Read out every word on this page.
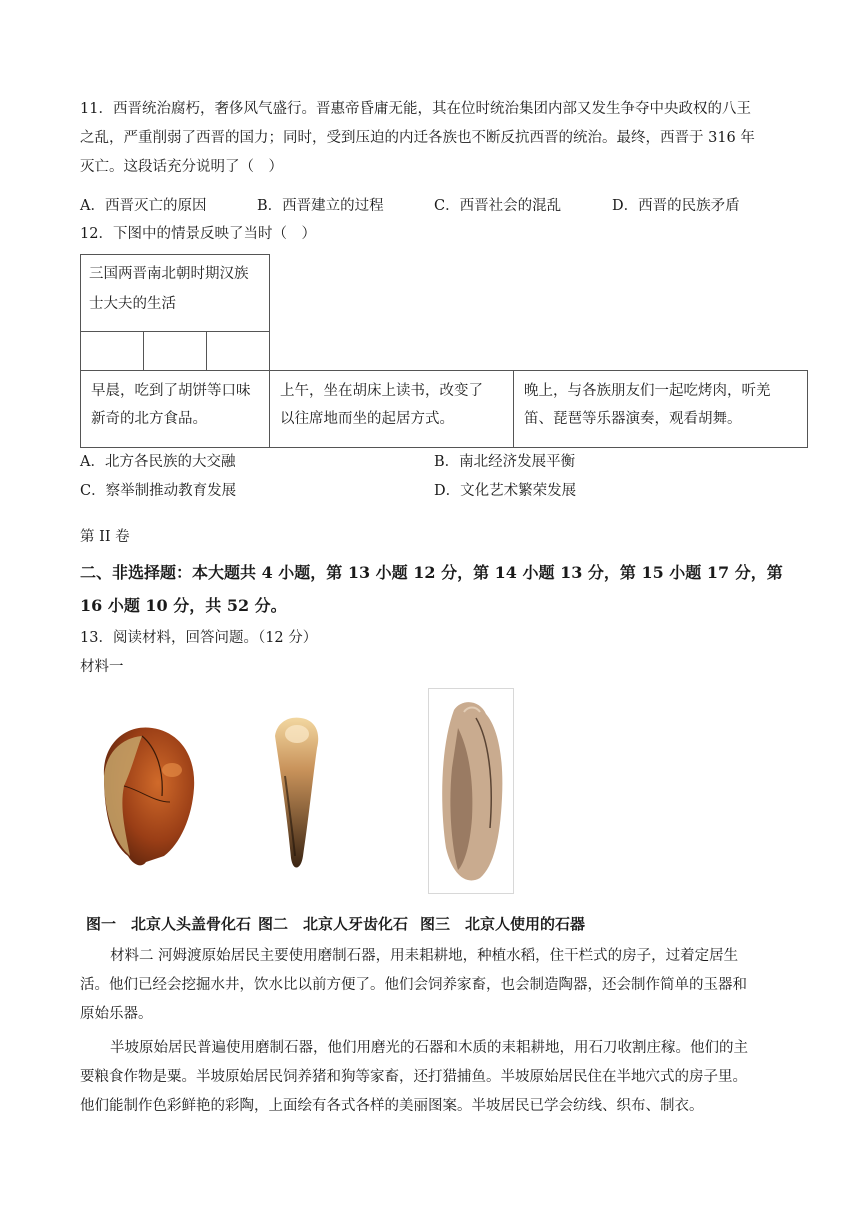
11．西晋统治腐朽，奢侈风气盛行。晋惠帝昏庸无能，其在位时统治集团内部又发生争夺中央政权的八王
之乱，严重削弱了西晋的国力；同时，受到压迫的内迁各族也不断反抗西晋的统治。最终，西晋于 316 年
灭亡。这段话充分说明了（　）
A．西晋灭亡的原因	B．西晋建立的过程	C．西晋社会的混乱	D．西晋的民族矛盾
12．下图中的情景反映了当时（　）
三国两晋南北朝时期汉族
士大夫的生活
早晨，吃到了胡饼等口味
新奇的北方食品。
上午，坐在胡床上读书，改变了
以往席地而坐的起居方式。
晚上，与各族朋友们一起吃烤肉，听羌
笛、琵琶等乐器演奏，观看胡舞。
A．北方各民族的大交融	B．南北经济发展平衡
C．察举制推动教育发展	D．文化艺术繁荣发展
第 II 卷
二、非选择题：本大题共 4 小题，第 13 小题 12 分，第 14 小题 13 分，第 15 小题 17 分，第
16 小题 10 分，共 52 分。
13．阅读材料，回答问题。（12 分）
材料一
图一　北京人头盖骨化石 图二　北京人牙齿化石 图三　北京人使用的石器
材料二 河姆渡原始居民主要使用磨制石器，用耒耜耕地，种植水稻，住干栏式的房子，过着定居生
活。他们已经会挖掘水井，饮水比以前方便了。他们会饲养家畜，也会制造陶器，还会制作简单的玉器和
原始乐器。
半坡原始居民普遍使用磨制石器，他们用磨光的石器和木质的耒耜耕地，用石刀收割庄稼。他们的主
要粮食作物是粟。半坡原始居民饲养猪和狗等家畜，还打猎捕鱼。半坡原始居民住在半地穴式的房子里。
他们能制作色彩鲜艳的彩陶，上面绘有各式各样的美丽图案。半坡居民已学会纺线、织布、制衣。
